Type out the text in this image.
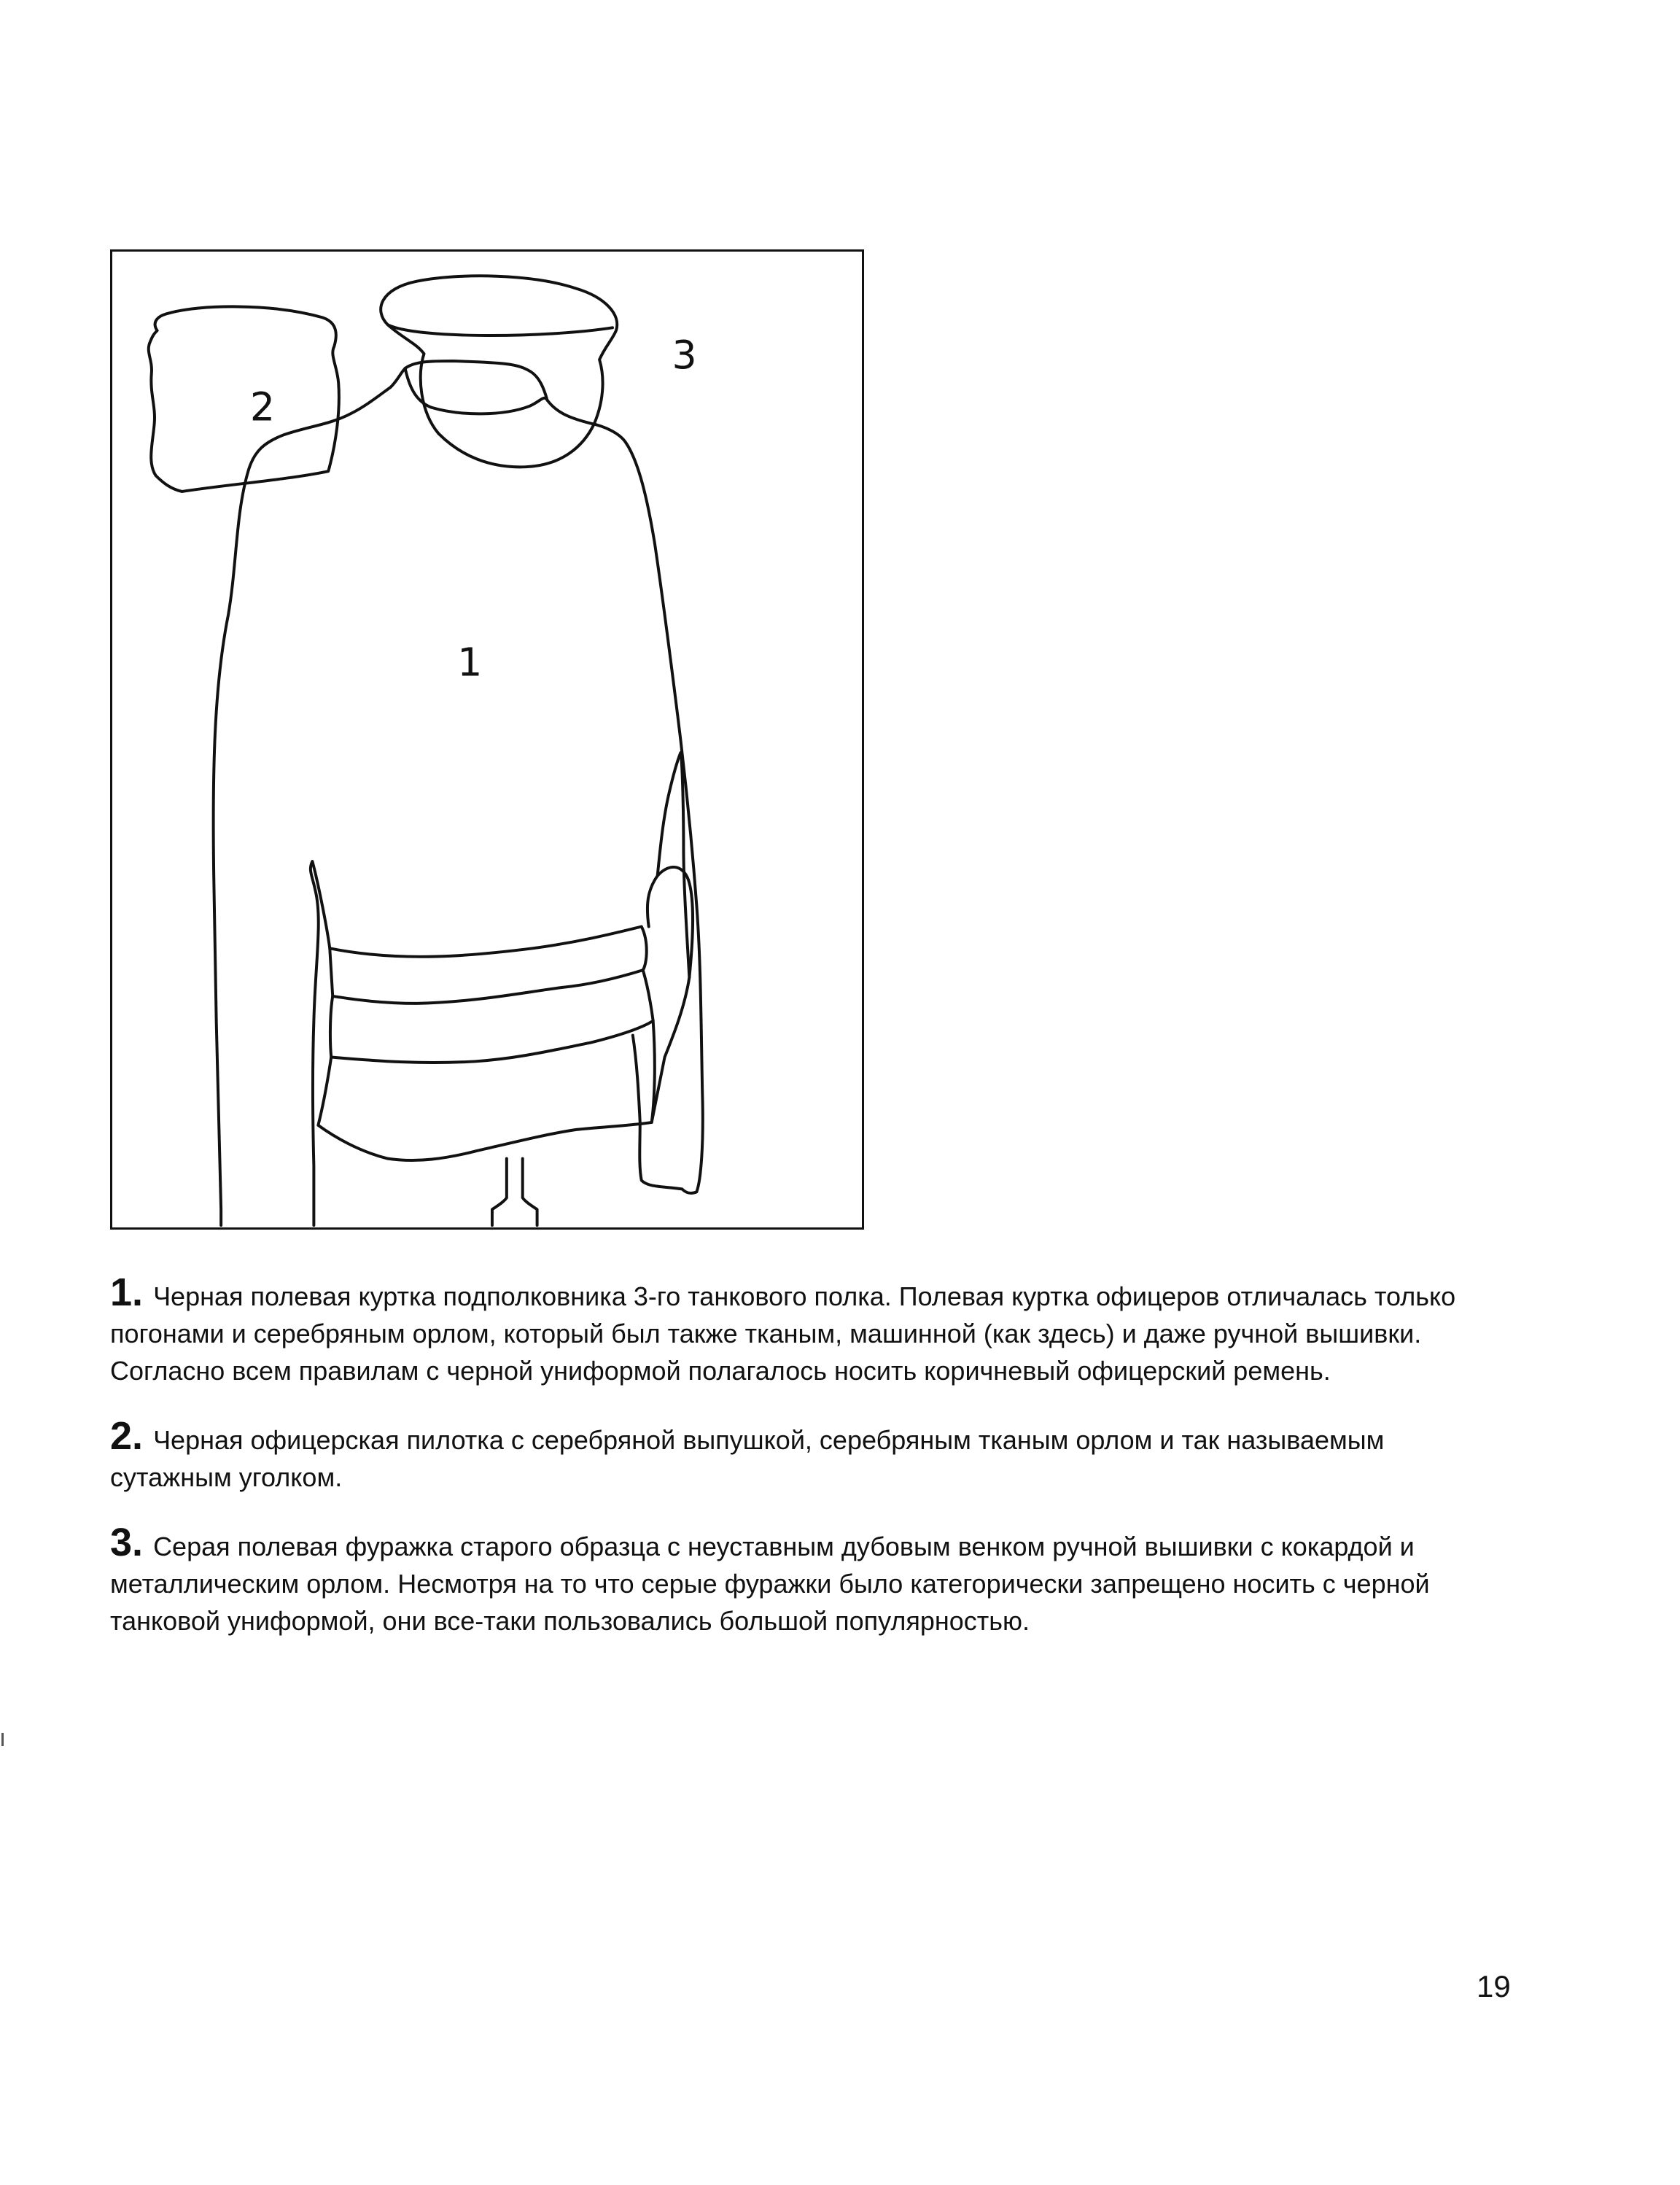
2
3
1

1. Черная полевая куртка подполковника 3-го танкового полка. Полевая куртка офицеров отличалась только погонами и серебряным орлом, который был также тканым, машинной (как здесь) и даже ручной вышивки. Согласно всем правилам с черной униформой полагалось носить коричневый офицерский ремень.

2. Черная офицерская пилотка с серебряной выпушкой, серебряным тканым орлом и так называемым сутажным уголком.

3. Серая полевая фуражка старого образца с неуставным дубовым венком ручной вышивки с кокардой и металлическим орлом. Несмотря на то что серые фуражки было категорически запрещено носить с черной танковой униформой, они все-таки пользовались большой популярностью.

19
